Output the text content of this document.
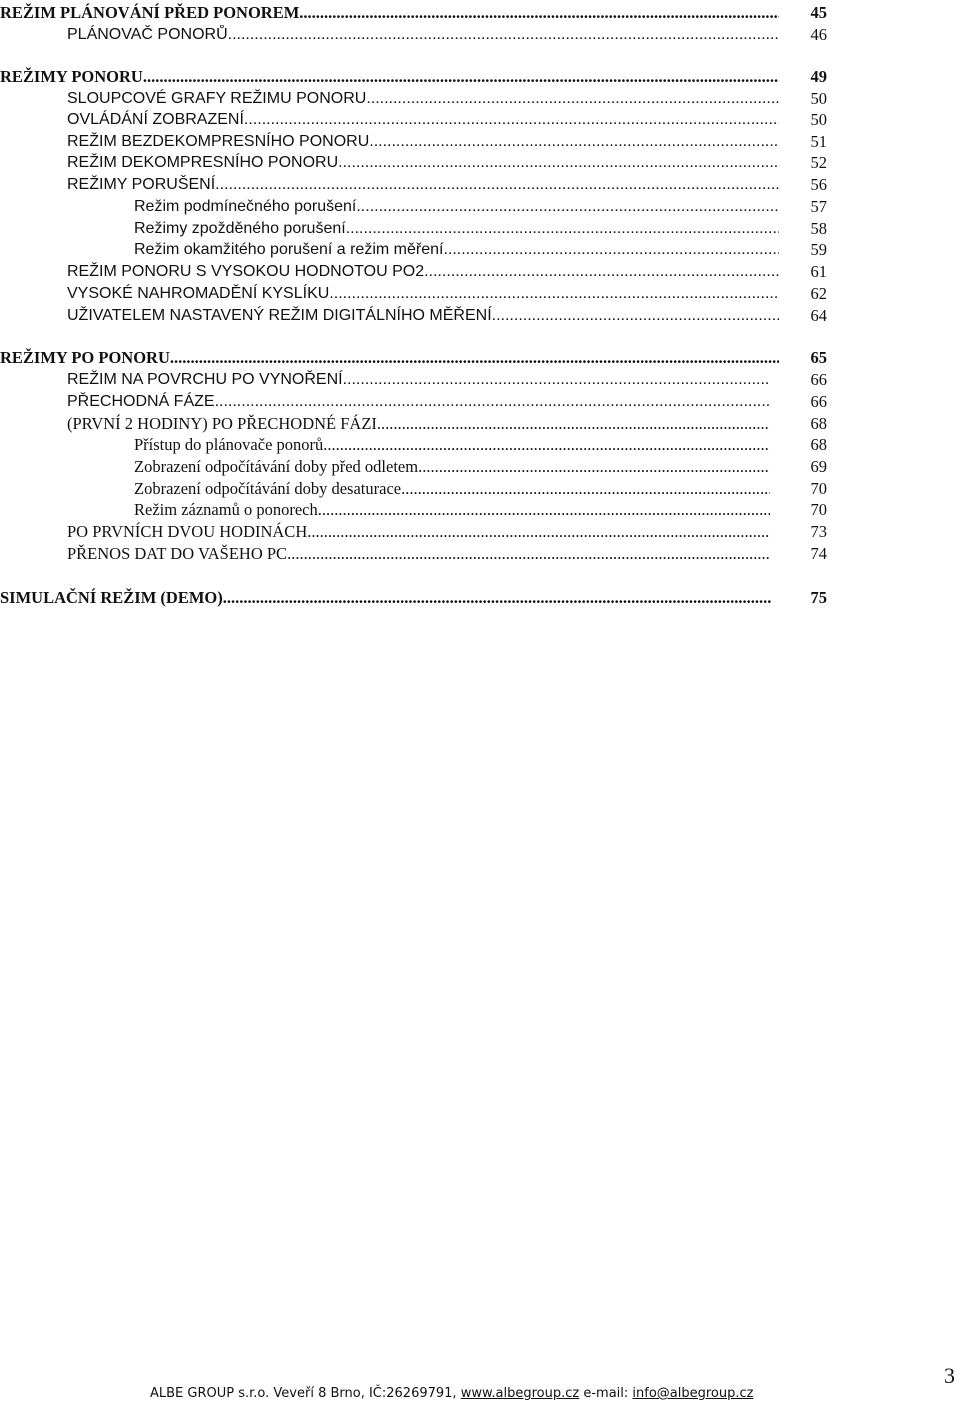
REŽIM PLÁNOVÁNÍ PŘED PONOREM .....	45
PLÁNOVAČ PONORŮ .....	46
REŽIMY PONORU .....	49
SLOUPCOVÉ GRAFY REŽIMU PONORU .....	50
OVLÁDÁNÍ ZOBRAZENÍ .....	50
REŽIM BEZDEKOMPRESNÍHO PONORU .....	51
REŽIM DEKOMPRESNÍHO PONORU .....	52
REŽIMY PORUŠENÍ .....	56
Režim podmínečného porušení .....	57
Režimy zpožděného porušení .....	58
Režim okamžitého porušení a režim měření .....	59
REŽIM PONORU S VYSOKOU HODNOTOU PO2 .....	61
VYSOKÉ NAHROMADĚNÍ KYSLÍKU .....	62
UŽIVATELEM NASTAVENÝ REŽIM DIGITÁLNÍHO MĚŘENÍ .....	64
REŽIMY PO PONORU .....	65
REŽIM NA POVRCHU PO VYNOŘENÍ .....	66
PŘECHODNÁ FÁZE .....	66
(PRVNÍ 2 HODINY) PO PŘECHODNÉ FÁZI .....	68
Přístup do plánovače ponorů .....	68
Zobrazení odpočítávání doby před odletem .....	69
Zobrazení odpočítávání doby desaturace .....	70
Režim záznamů o ponorech .....	70
PO PRVNÍCH DVOU HODINÁCH .....	73
PŘENOS DAT DO VAŠEHO PC .....	74
SIMULAČNÍ REŽIM (DEMO) .....	75
3
ALBE GROUP s.r.o. Veveří 8 Brno, IČ:26269791, www.albegroup.cz e-mail: info@albegroup.cz
